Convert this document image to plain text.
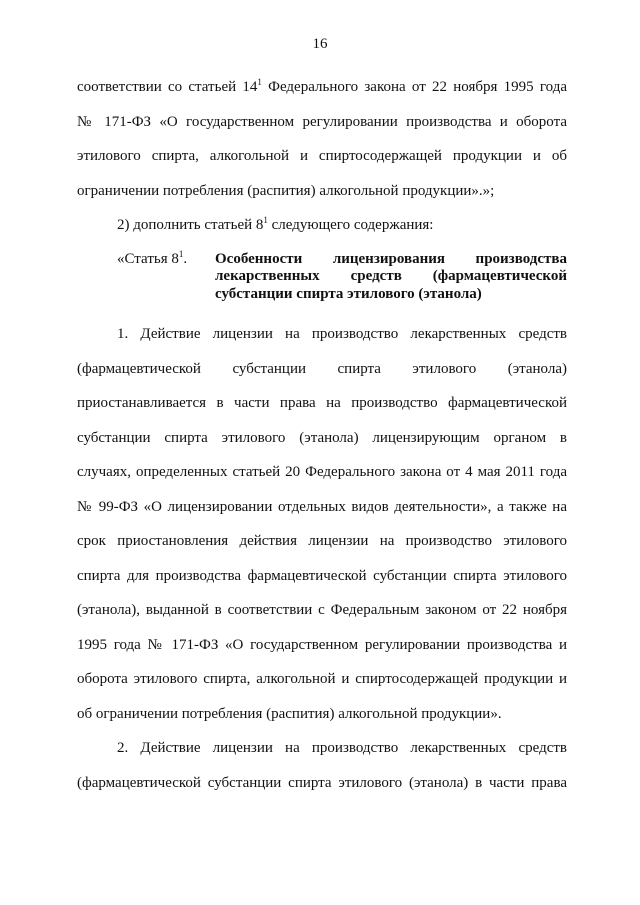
16

соответствии со статьей $14^1$ Федерального закона от 22 ноября 1995 года

№ 171-ФЗ «О государственном регулировании производства и оборота

этилового спирта, алкогольной и спиртосодержащей продукции и об

ограничении потребления (распития) алкогольной продукции».»;

2) дополнить статьей $8^1$ следующего содержания:

«Статья $8^1$.	Особенности лицензирования производства
лекарственных средств (фармацевтической
субстанции спирта этилового (этанола)

1. Действие лицензии на производство лекарственных средств

(фармацевтической субстанции спирта этилового (этанола)

приостанавливается в части права на производство фармацевтической

субстанции спирта этилового (этанола) лицензирующим органом в

случаях, определенных статьей 20 Федерального закона от 4 мая 2011 года

№ 99-ФЗ «О лицензировании отдельных видов деятельности», а также на

срок приостановления действия лицензии на производство этилового

спирта для производства фармацевтической субстанции спирта этилового

(этанола), выданной в соответствии с Федеральным законом от 22 ноября

1995 года № 171-ФЗ «О государственном регулировании производства и

оборота этилового спирта, алкогольной и спиртосодержащей продукции и

об ограничении потребления (распития) алкогольной продукции».

2. Действие лицензии на производство лекарственных средств

(фармацевтической субстанции спирта этилового (этанола) в части права
